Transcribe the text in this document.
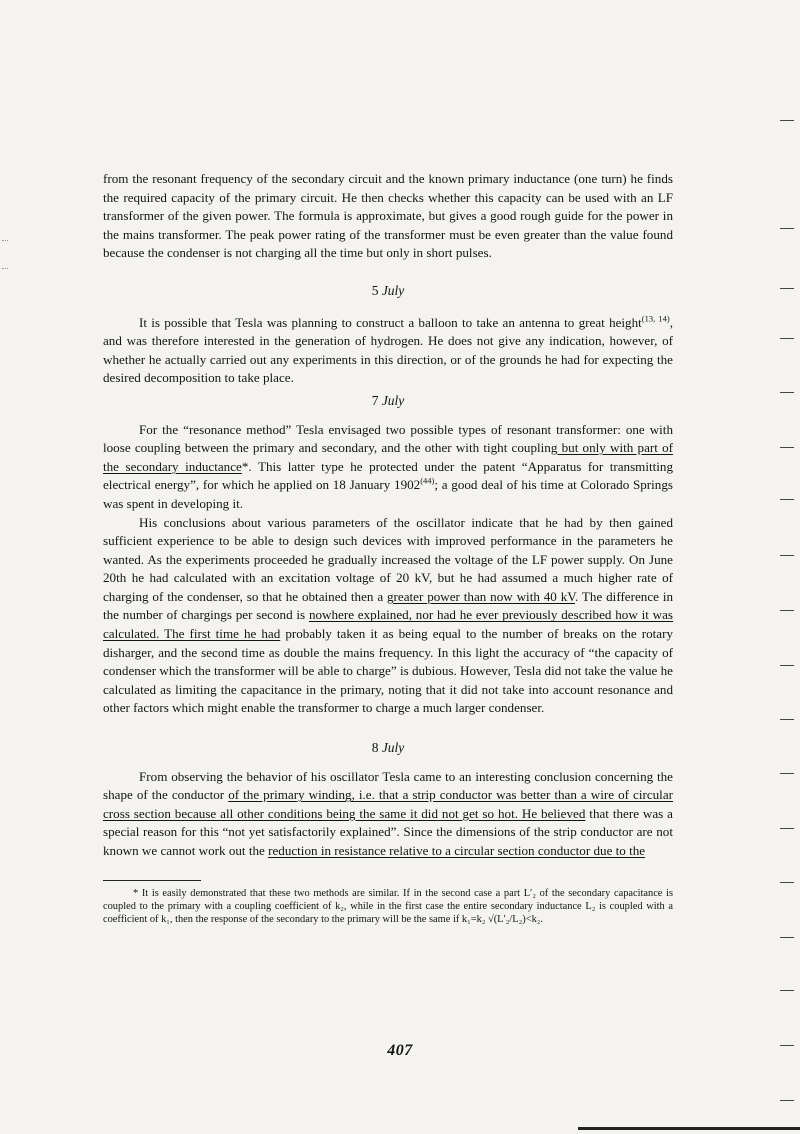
from the resonant frequency of the secondary circuit and the known primary inductance (one turn) he finds the required capacity of the primary circuit. He then checks whether this capacity can be used with an LF transformer of the given power. The formula is approximate, but gives a good rough guide for the power in the mains transformer. The peak power rating of the transformer must be even greater than the value found because the condenser is not charging all the time but only in short pulses.

5 July

It is possible that Tesla was planning to construct a balloon to take an antenna to great height$^{(13, 14)}$, and was therefore interested in the generation of hydrogen. He does not give any indication, however, of whether he actually carried out any experiments in this direction, or of the grounds he had for expecting the desired decomposition to take place.

7 July

For the “resonance method” Tesla envisaged two possible types of resonant transformer: one with loose coupling between the primary and secondary, and the other with tight coupling but only with part of the secondary inductance*. This latter type he protected under the patent “Apparatus for transmitting electrical energy”, for which he applied on 18 January 1902$^{(44)}$; a good deal of his time at Colorado Springs was spent in developing it.

His conclusions about various parameters of the oscillator indicate that he had by then gained sufficient experience to be able to design such devices with improved performance in the parameters he wanted. As the experiments proceeded he gradually increased the voltage of the LF power supply. On June 20th he had calculated with an excitation voltage of 20 kV, but he had assumed a much higher rate of charging of the condenser, so that he obtained then a greater power than now with 40 kV. The difference in the number of chargings per second is nowhere explained, nor had he ever previously described how it was calculated. The first time he had probably taken it as being equal to the number of breaks on the rotary disharger, and the second time as double the mains frequency. In this light the accuracy of “the capacity of condenser which the transformer will be able to charge” is dubious. However, Tesla did not take the value he calculated as limiting the capacitance in the primary, noting that it did not take into account resonance and other factors which might enable the transformer to charge a much larger condenser.

8 July

From observing the behavior of his oscillator Tesla came to an interesting conclusion concerning the shape of the conductor of the primary winding, i.e. that a strip conductor was better than a wire of circular cross section because all other conditions being the same it did not get so hot. He believed that there was a special reason for this “not yet satisfactorily explained”. Since the dimensions of the strip conductor are not known we cannot work out the reduction in resistance relative to a circular section conductor due to the

* It is easily demonstrated that these two methods are similar. If in the second case a part L′₂ of the secondary capacitance is coupled to the primary with a coupling coefficient of k₂, while in the first case the entire secondary inductance L₂ is coupled with a coefficient of k₁, then the response of the secondary to the primary will be the same if k₁=k₂ √(L′₂/L₂)<k₂.

407
